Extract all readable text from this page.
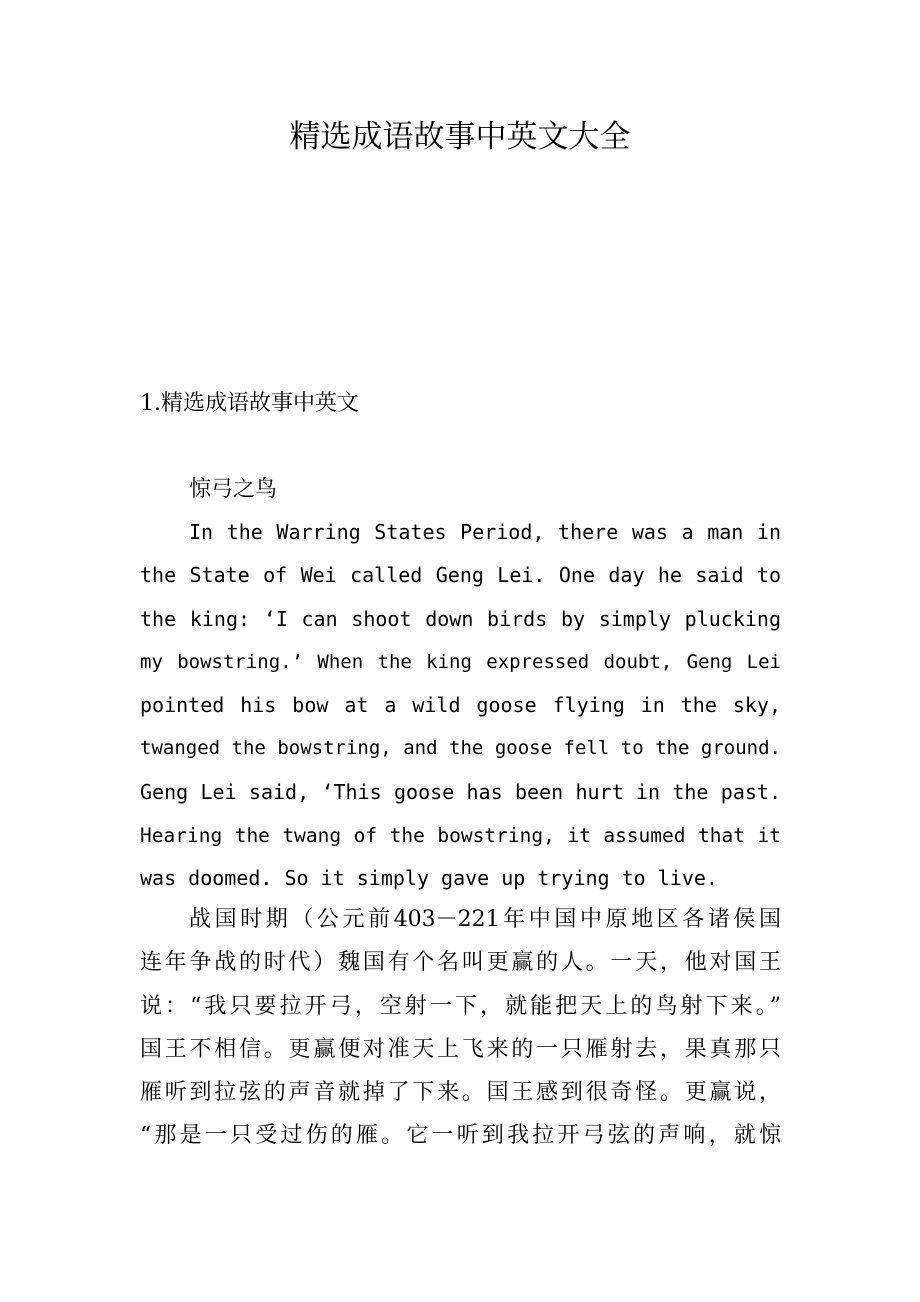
精选成语故事中英文大全
1.精选成语故事中英文
惊弓之鸟
In the Warring States Period, there was a man in
the State of Wei called Geng Lei. One day he said to
the king: ‘I can shoot down birds by simply plucking
my bowstring.’ When the king expressed doubt, Geng Lei
pointed his bow at a wild goose flying in the sky,
twanged the bowstring, and the goose fell to the ground.
Geng Lei said, ‘This goose has been hurt in the past.
Hearing the twang of the bowstring, it assumed that it
was doomed. So it simply gave up trying to live.
战国时期（公元前403－221年中国中原地区各诸侯国
连年争战的时代）魏国有个名叫更赢的人。一天，他对国王
说：“我只要拉开弓，空射一下，就能把天上的鸟射下来。”
国王不相信。更赢便对准天上飞来的一只雁射去，果真那只
雁听到拉弦的声音就掉了下来。国王感到很奇怪。更赢说，
“那是一只受过伤的雁。它一听到我拉开弓弦的声响，就惊
